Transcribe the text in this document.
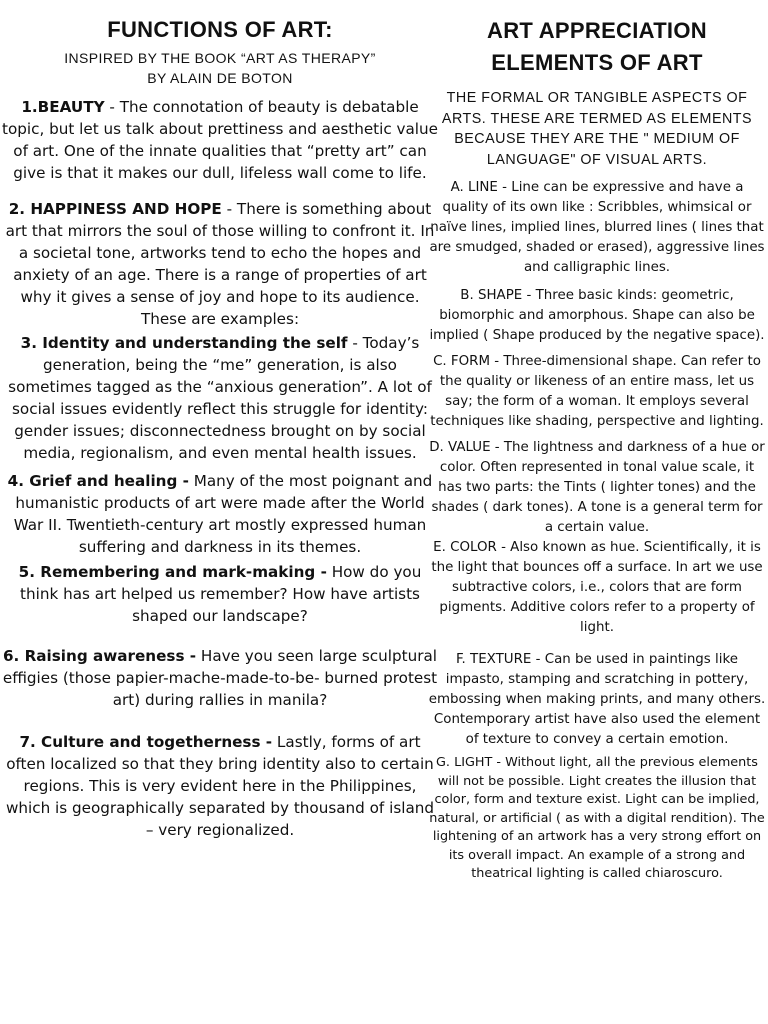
FUNCTIONS OF ART:

INSPIRED BY THE BOOK “ART AS THERAPY”

BY ALAIN DE BOTON

1.BEAUTY - The connotation of beauty is debatable topic, but let us talk about prettiness and aesthetic value of art. One of the innate qualities that “pretty art” can give is that it makes our dull, lifeless wall come to life.

2. HAPPINESS AND HOPE - There is something about art that mirrors the soul of those willing to confront it. In a societal tone, artworks tend to echo the hopes and anxiety of an age. There is a range of properties of art why it gives a sense of joy and hope to its audience. These are examples:

3. Identity and understanding the self - Today’s generation, being the “me” generation, is also sometimes tagged as the “anxious generation”. A lot of social issues evidently reflect this struggle for identity: gender issues; disconnectedness brought on by social media, regionalism, and even mental health issues.

4. Grief and healing - Many of the most poignant and humanistic products of art were made after the World War II. Twentieth-century art mostly expressed human suffering and darkness in its themes.

5. Remembering and mark-making - How do you think has art helped us remember? How have artists shaped our landscape?

6. Raising awareness - Have you seen large sculptural effigies (those papier-mache-made-to-be- burned protest art) during rallies in manila?

7. Culture and togetherness - Lastly, forms of art often localized so that they bring identity also to certain regions. This is very evident here in the Philippines, which is geographically separated by thousand of island – very regionalized.

ART APPRECIATION
ELEMENTS OF ART

THE FORMAL OR TANGIBLE ASPECTS OF ARTS. THESE ARE TERMED AS ELEMENTS BECAUSE THEY ARE THE " MEDIUM OF LANGUAGE" OF VISUAL ARTS.

A. LINE - Line can be expressive and have a quality of its own like : Scribbles, whimsical or naïve lines, implied lines, blurred lines ( lines that are smudged, shaded or erased), aggressive lines and calligraphic lines.

B. SHAPE - Three basic kinds: geometric, biomorphic and amorphous. Shape can also be implied ( Shape produced by the negative space).

C. FORM - Three-dimensional shape. Can refer to the quality or likeness of an entire mass, let us say; the form of a woman. It employs several techniques like shading, perspective and lighting.

D. VALUE - The lightness and darkness of a hue or color. Often represented in tonal value scale, it has two parts: the Tints ( lighter tones) and the shades ( dark tones). A tone is a general term for a certain value.

E. COLOR - Also known as hue. Scientifically, it is the light that bounces off a surface. In art we use subtractive colors, i.e., colors that are form pigments. Additive colors refer to a property of light.

F. TEXTURE - Can be used in paintings like impasto, stamping and scratching in pottery, embossing when making prints, and many others. Contemporary artist have also used the element of texture to convey a certain emotion.

G. LIGHT - Without light, all the previous elements will not be possible. Light creates the illusion that color, form and texture exist. Light can be implied, natural, or artificial ( as with a digital rendition). The lightening of an artwork has a very strong effort on its overall impact. An example of a strong and theatrical lighting is called chiaroscuro.
